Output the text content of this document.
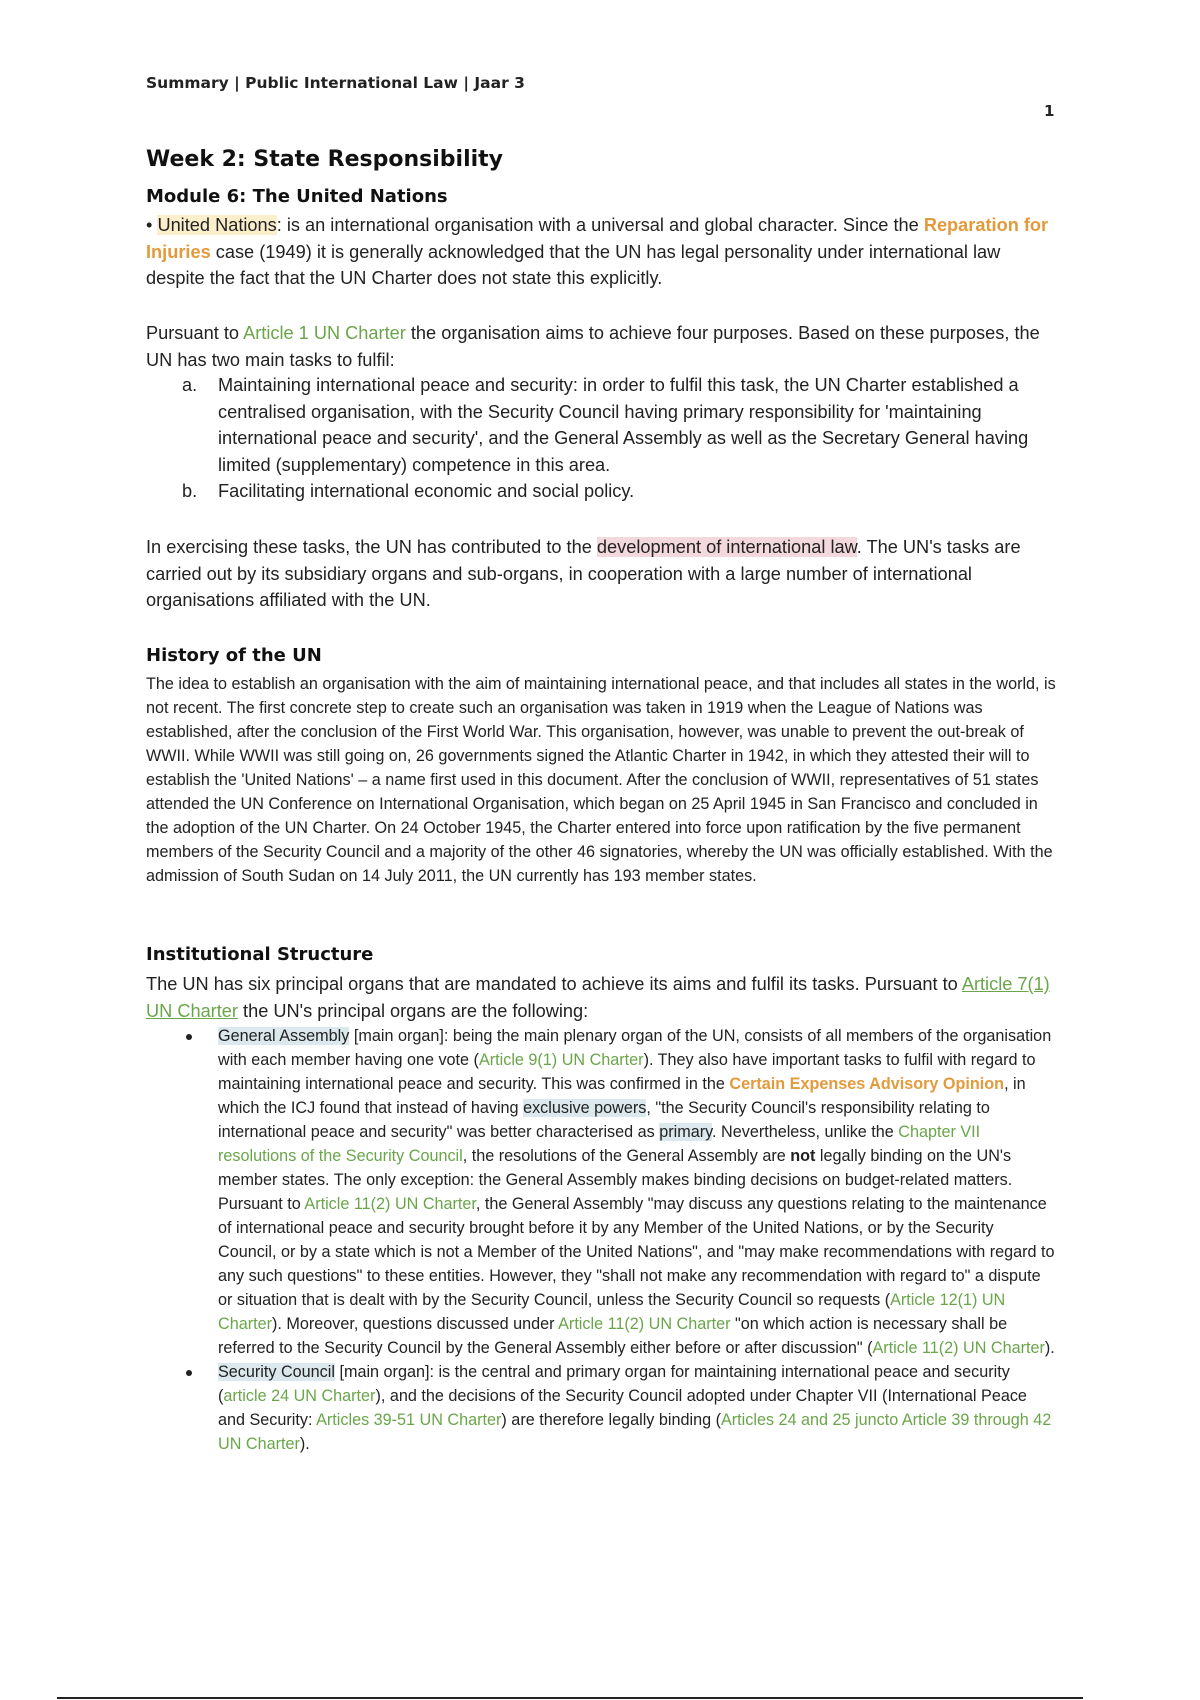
Summary | Public International Law | Jaar 3
1
Week 2: State Responsibility
Module 6: The United Nations
• United Nations: is an international organisation with a universal and global character. Since the Reparation for Injuries case (1949) it is generally acknowledged that the UN has legal personality under international law despite the fact that the UN Charter does not state this explicitly.
Pursuant to Article 1 UN Charter the organisation aims to achieve four purposes. Based on these purposes, the UN has two main tasks to fulfil:
a. Maintaining international peace and security: in order to fulfil this task, the UN Charter established a centralised organisation, with the Security Council having primary responsibility for 'maintaining international peace and security', and the General Assembly as well as the Secretary General having limited (supplementary) competence in this area.
b. Facilitating international economic and social policy.
In exercising these tasks, the UN has contributed to the development of international law. The UN's tasks are carried out by its subsidiary organs and sub-organs, in cooperation with a large number of international organisations affiliated with the UN.
History of the UN
The idea to establish an organisation with the aim of maintaining international peace, and that includes all states in the world, is not recent. The first concrete step to create such an organisation was taken in 1919 when the League of Nations was established, after the conclusion of the First World War. This organisation, however, was unable to prevent the out-break of WWII. While WWII was still going on, 26 governments signed the Atlantic Charter in 1942, in which they attested their will to establish the 'United Nations' – a name first used in this document. After the conclusion of WWII, representatives of 51 states attended the UN Conference on International Organisation, which began on 25 April 1945 in San Francisco and concluded in the adoption of the UN Charter. On 24 October 1945, the Charter entered into force upon ratification by the five permanent members of the Security Council and a majority of the other 46 signatories, whereby the UN was officially established. With the admission of South Sudan on 14 July 2011, the UN currently has 193 member states.
Institutional Structure
The UN has six principal organs that are mandated to achieve its aims and fulfil its tasks. Pursuant to Article 7(1) UN Charter the UN's principal organs are the following:
General Assembly [main organ]: being the main plenary organ of the UN, consists of all members of the organisation with each member having one vote (Article 9(1) UN Charter). They also have important tasks to fulfil with regard to maintaining international peace and security. This was confirmed in the Certain Expenses Advisory Opinion, in which the ICJ found that instead of having exclusive powers, "the Security Council's responsibility relating to international peace and security" was better characterised as primary. Nevertheless, unlike the Chapter VII resolutions of the Security Council, the resolutions of the General Assembly are not legally binding on the UN's member states. The only exception: the General Assembly makes binding decisions on budget-related matters.

Pursuant to Article 11(2) UN Charter, the General Assembly "may discuss any questions relating to the maintenance of international peace and security brought before it by any Member of the United Nations, or by the Security Council, or by a state which is not a Member of the United Nations", and "may make recommendations with regard to any such questions" to these entities. However, they "shall not make any recommendation with regard to" a dispute or situation that is dealt with by the Security Council, unless the Security Council so requests (Article 12(1) UN Charter). Moreover, questions discussed under Article 11(2) UN Charter "on which action is necessary shall be referred to the Security Council by the General Assembly either before or after discussion" (Article 11(2) UN Charter).

Security Council [main organ]: is the central and primary organ for maintaining international peace and security (article 24 UN Charter), and the decisions of the Security Council adopted under Chapter VII (International Peace and Security: Articles 39-51 UN Charter) are therefore legally binding (Articles 24 and 25 juncto Article 39 through 42 UN Charter).
